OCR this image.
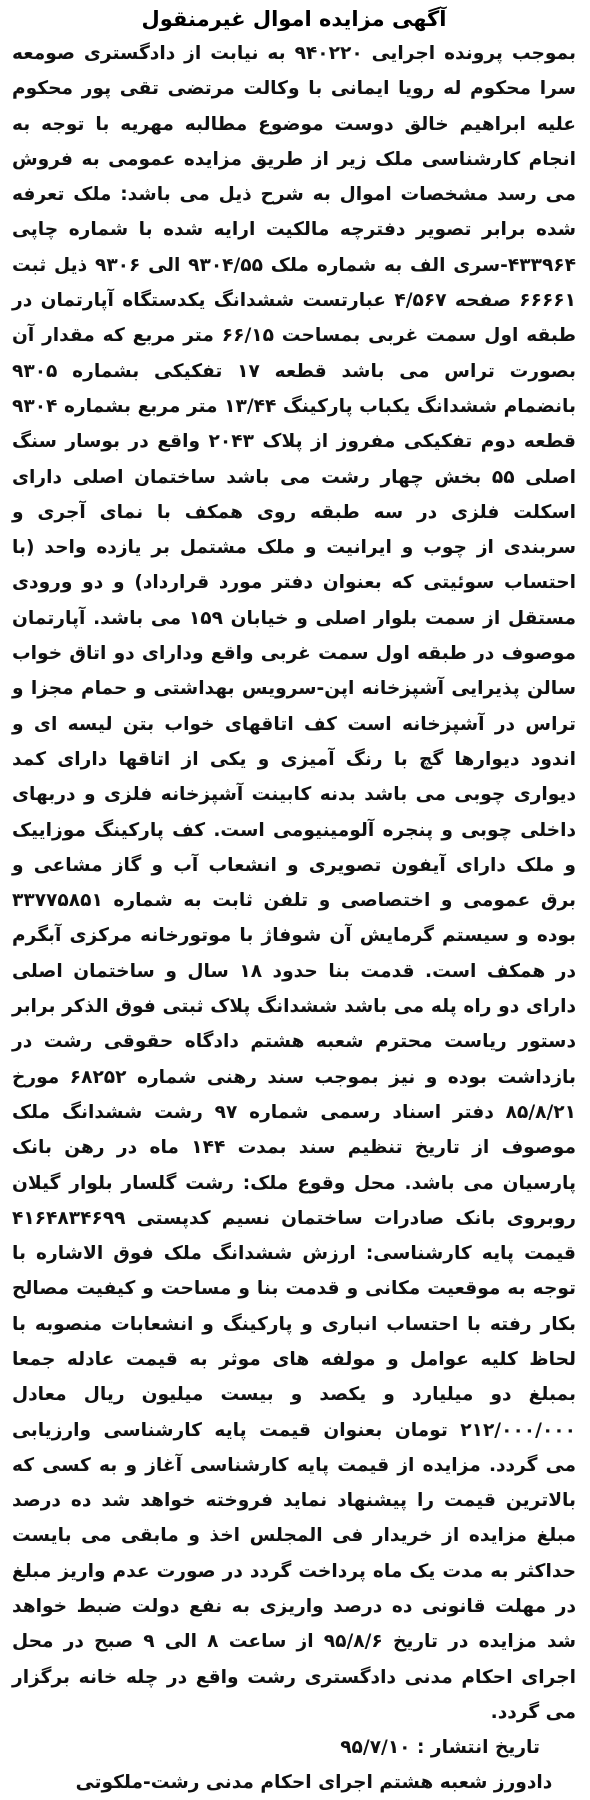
آگهی مزایده اموال غیرمنقول

بموجب پرونده اجرایی ۹۴۰۲۲۰ به نیابت از دادگستری صومعه سرا محکوم له رویا ایمانی با وکالت مرتضی تقی پور محکوم علیه ابراهیم خالق دوست موضوع مطالبه مهریه با توجه به انجام کارشناسی ملک زیر از طریق مزایده عمومی به فروش می رسد مشخصات اموال به شرح ذیل می باشد: ملک تعرفه شده برابر تصویر دفترچه مالکیت ارایه شده با شماره چاپی ۴۳۳۹۶۴-سری الف به شماره ملک ۹۳۰۴/۵۵ الی ۹۳۰۶ ذیل ثبت ۶۶۶۶۱ صفحه ۴/۵۶۷ عبارتست ششدانگ یکدستگاه آپارتمان در طبقه اول سمت غربی بمساحت ۶۶/۱۵ متر مربع که مقدار آن بصورت تراس می باشد قطعه ۱۷ تفکیکی بشماره ۹۳۰۵ بانضمام ششدانگ یکباب پارکینگ ۱۳/۴۴ متر مربع بشماره ۹۳۰۴ قطعه دوم تفکیکی مفروز از پلاک ۲۰۴۳ واقع در بوسار سنگ اصلی ۵۵ بخش چهار رشت می باشد ساختمان اصلی دارای اسکلت فلزی در سه طبقه روی همکف با نمای آجری و سربندی از چوب و ایرانیت و ملک مشتمل بر یازده واحد (با احتساب سوئیتی که بعنوان دفتر مورد قرارداد) و دو ورودی مستقل از سمت بلوار اصلی و خیابان ۱۵۹ می باشد. آپارتمان موصوف در طبقه اول سمت غربی واقع ودارای دو اتاق خواب سالن پذیرایی آشپزخانه اپن-سرویس بهداشتی و حمام مجزا و تراس در آشپزخانه است کف اتاقهای خواب بتن لیسه ای و اندود دیوارها گچ با رنگ آمیزی و یکی از اتاقها دارای کمد دیواری چوبی می باشد بدنه کابینت آشپزخانه فلزی و دربهای داخلی چوبی و پنجره آلومینیومی است. کف پارکینگ موزاییک و ملک دارای آیفون تصویری و انشعاب آب و گاز مشاعی و برق عمومی و اختصاصی و تلفن ثابت به شماره ۳۳۷۷۵۸۵۱ بوده و سیستم گرمایش آن شوفاژ با موتورخانه مرکزی آبگرم در همکف است. قدمت بنا حدود ۱۸ سال و ساختمان اصلی دارای دو راه پله می باشد ششدانگ پلاک ثبتی فوق الذکر برابر دستور ریاست محترم شعبه هشتم دادگاه حقوقی رشت در بازداشت بوده و نیز بموجب سند رهنی شماره ۶۸۲۵۲ مورخ ۸۵/۸/۲۱ دفتر اسناد رسمی شماره ۹۷ رشت ششدانگ ملک موصوف از تاریخ تنظیم سند بمدت ۱۴۴ ماه در رهن بانک پارسیان می باشد. محل وقوع ملک: رشت گلسار بلوار گیلان روبروی بانک صادرات ساختمان نسیم کدپستی ۴۱۶۴۸۳۴۶۹۹ قیمت پایه کارشناسی: ارزش ششدانگ ملک فوق الاشاره با توجه به موقعیت مکانی و قدمت بنا و مساحت و کیفیت مصالح بکار رفته با احتساب انباری و پارکینگ و انشعابات منصوبه با لحاظ کلیه عوامل و مولفه های موثر به قیمت عادله جمعا بمبلغ دو میلیارد و یکصد و بیست میلیون ریال معادل ۲۱۲/۰۰۰/۰۰۰ تومان بعنوان قیمت پایه کارشناسی وارزیابی می گردد. مزایده از قیمت پایه کارشناسی آغاز و به کسی که بالاترین قیمت را پیشنهاد نماید فروخته خواهد شد ده درصد مبلغ مزایده از خریدار فی المجلس اخذ و مابقی می بایست حداکثر به مدت یک ماه پرداخت گردد در صورت عدم واریز مبلغ در مهلت قانونی ده درصد واریزی به نفع دولت ضبط خواهد شد مزایده در تاریخ ۹۵/۸/۶ از ساعت ۸ الی ۹ صبح در محل اجرای احکام مدنی دادگستری رشت واقع در چله خانه برگزار می گردد.

تاریخ انتشار : ۹۵/۷/۱۰

دادورز شعبه هشتم اجرای احکام مدنی رشت-ملکوتی
